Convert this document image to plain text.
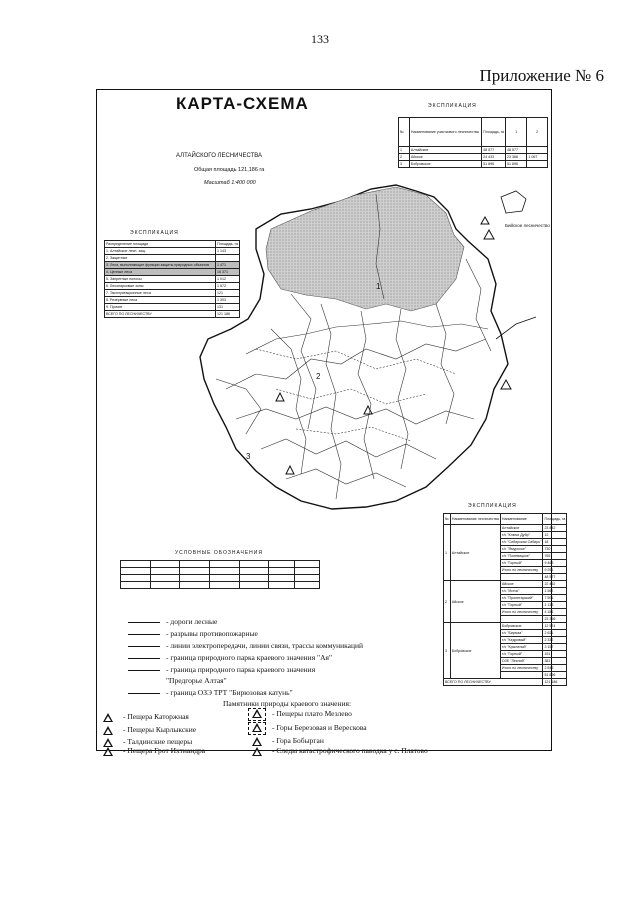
133
Приложение № 6
КАРТА-СХЕМА
АЛТАЙСКОГО ЛЕСНИЧЕСТВА
Общая площадь 121,186 га
Масштаб 1:400 000
1
2
3
Бийское лесничество
ЭКСПЛИКАЦИЯ
№	Наименование участкового лесничества	Площадь, га	1	2
1	Алтайское	48 577	48 577	
2	Айское	24 433	23 366	1 067
3	Бобровское	51 896	51 896	
ЭКСПЛИКАЦИЯ
Распределение площади	Площадь, га
1. Алтайское лесн. защ.	1 143
2. Защитные	
3. Леса, выполняющие функции защиты природных объектов	1 471
4. Ценные леса	16 371
5. Запретные полосы	1 012
6. Лесопарковые зоны	1 572
7. Эксплуатационные леса	121
8. Резервные леса	1 303
9. Прочие	131
ВСЕГО ПО ЛЕСНИЧЕСТВУ	121 186
ЭКСПЛИКАЦИЯ
№	Наименование лесничества	Наименование	Площадь, га
1	Алтайское	Алтайское	23 842
		т/с "Ключи Дубр"	12
		т/с "Сибирская Сибирь"	18
		т/с "Ямурское"	730
		т/с "Полевицкое"	765
		т/с "Горный"	9 463
		Итого по лесничеству	9 251
			48 577
2	Айское	Айское	22 452
		т/с "Исток"	1 562
		т/с "Пролетарский"	7 501
		т/с "Горный"	1 133
		Итого по лесничеству	4 181
			23 366
3	Бобровское	Бобровское	12 574
		т/с "Бирюза"	2 621
		т/с "Кедровый"	2 332
		т/с "Крылатый"	3 157
		т/с "Горный"	151
		ОЗЕ "Лесной"	381
		Итого по лесничеству	2 545
			51 896
ВСЕГО ПО ЛЕСНИЧЕСТВУ			121 186
УСЛОВНЫЕ ОБОЗНАЧЕНИЯ

- дороги лесные
- разрывы противопожарные
- линии электропередачи, линии связи, трассы коммуникаций
- граница природного парка краевого значения "Ая"
- граница природного парка краевого значения
"Предгорье Алтая"
- граница ОЗЭ ТРТ "Бирюзовая катунь"
Памятники природы краевого значения:
- Пещера Каторжная
- Пещеры Кырлыкские
- Талдинские пещеры
- Пещера Грот Ихтиандра
- Пещеры плато Мезлево
- Горы Березовая и Верескова
- Гора Бобырган
- Следы катастрофического паводка у с. Платово
